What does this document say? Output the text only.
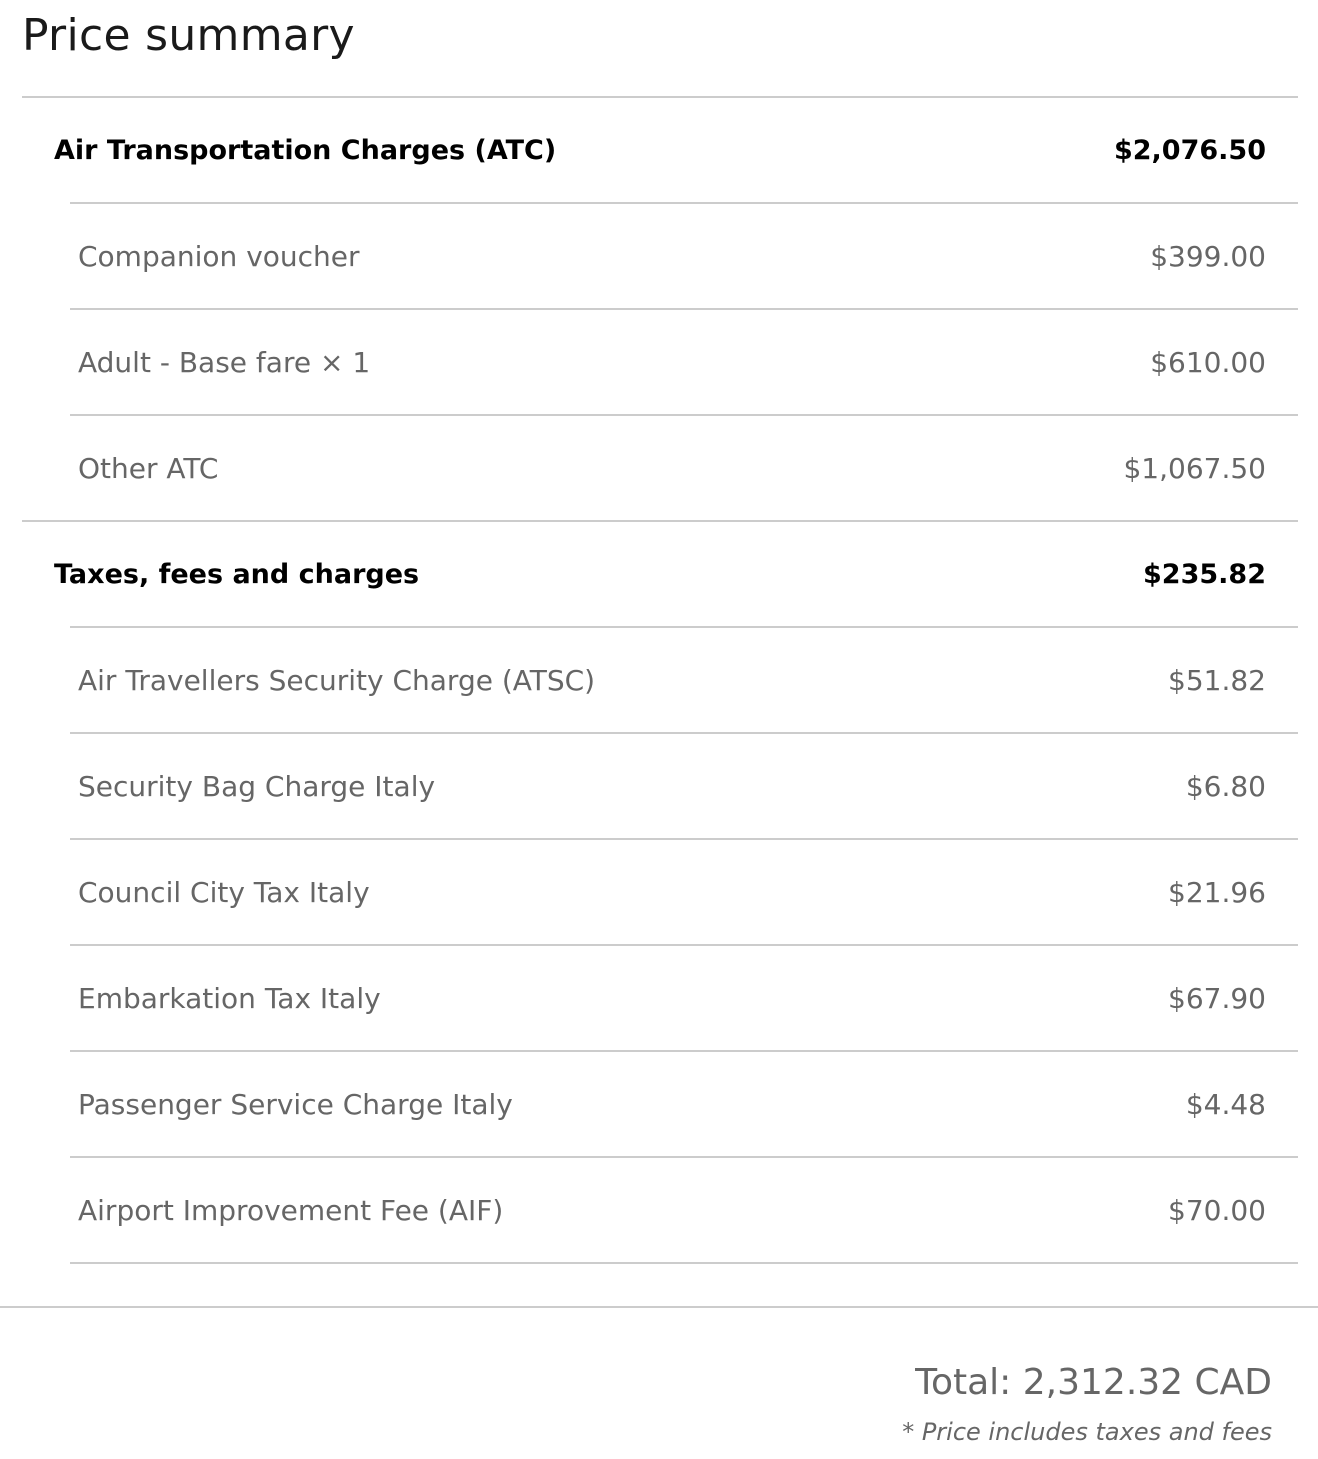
Price summary
Air Transportation Charges (ATC)	$2,076.50
Companion voucher	$399.00
Adult - Base fare × 1	$610.00
Other ATC	$1,067.50
Taxes, fees and charges	$235.82
Air Travellers Security Charge (ATSC)	$51.82
Security Bag Charge Italy	$6.80
Council City Tax Italy	$21.96
Embarkation Tax Italy	$67.90
Passenger Service Charge Italy	$4.48
Airport Improvement Fee (AIF)	$70.00
Total: 2,312.32 CAD
* Price includes taxes and fees
